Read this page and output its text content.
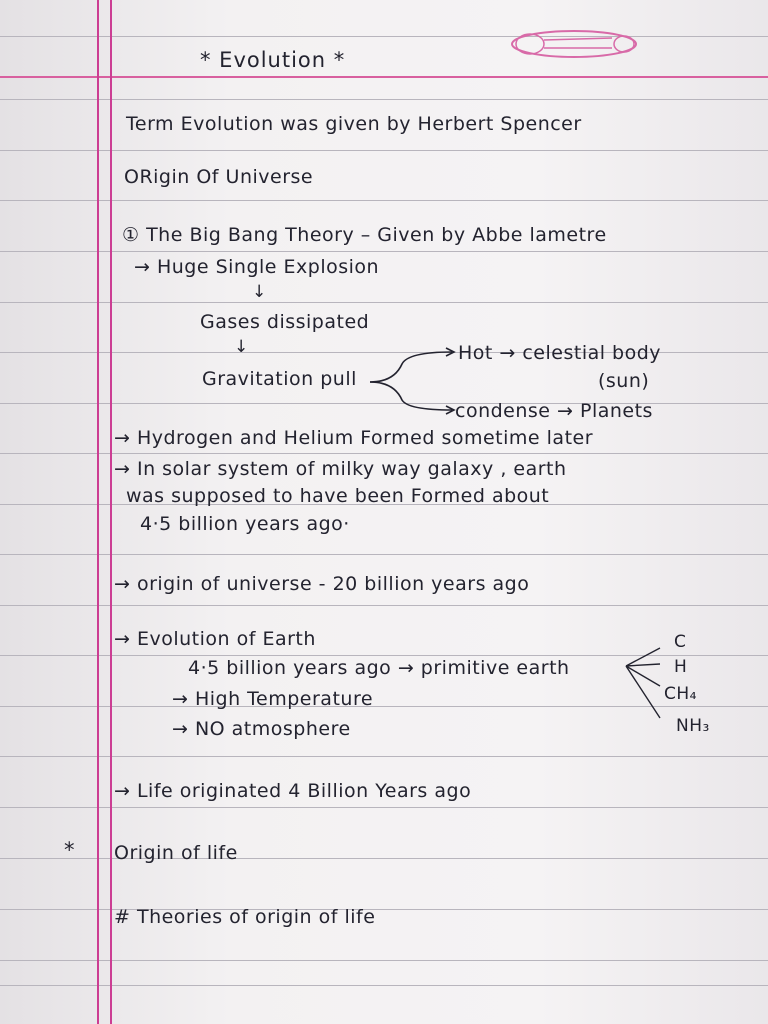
* Evolution *
Term Evolution was given by Herbert Spencer
ORigin Of Universe
① The Big Bang Theory – Given by Abbe lametre
→ Huge Single Explosion
↓
Gases dissipated
↓
Gravitation pull
Hot → celestial body
(sun)
condense → Planets
→ Hydrogen and Helium Formed sometime later
→ In solar system of milky way galaxy , earth
was supposed to have been Formed about
4·5 billion years ago·
→ origin of universe - 20 billion years ago
→ Evolution of Earth
4·5 billion years ago → primitive earth
C
H
CH₄
NH₃
→ High Temperature
→ NO atmosphere
→ Life originated 4 Billion Years ago
* Origin of life
# Theories of origin of life
